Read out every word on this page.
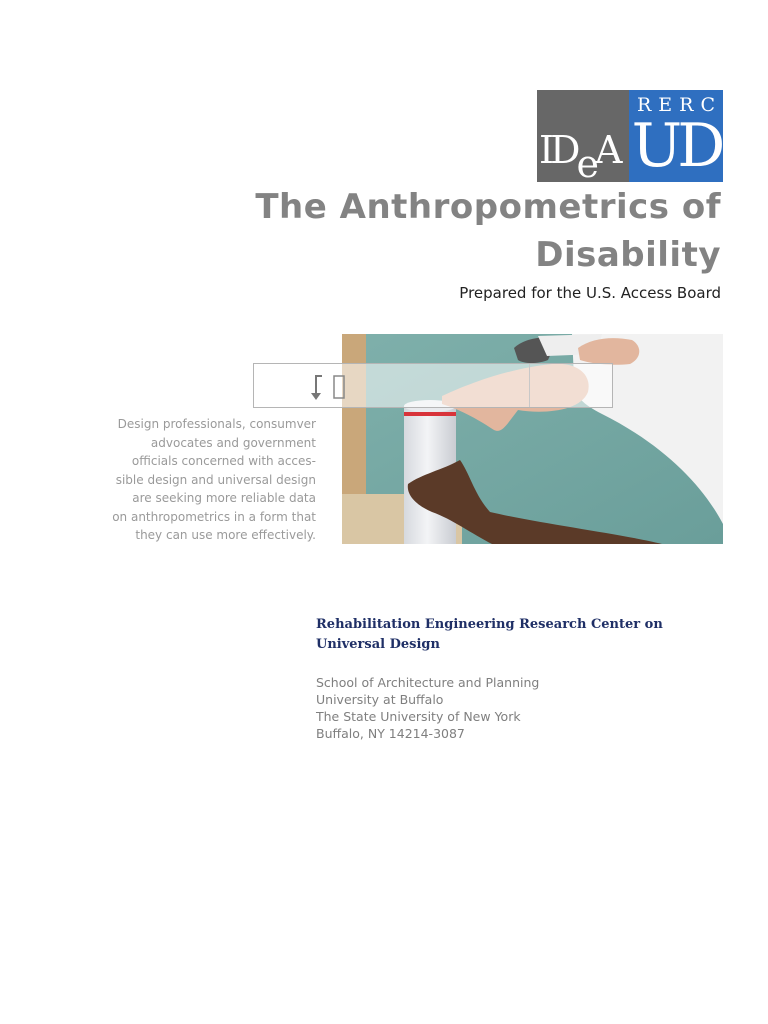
IDeA
RERC
UD
The Anthropometrics of
Disability
Prepared for the U.S. Access Board

Design professionals, consumver
advocates and government
officials concerned with acces-
sible design and universal design
are seeking more reliable data
on anthropometrics in a form that
they can use more effectively.

Rehabilitation Engineering Research Center on Universal Design

School of Architecture and Planning
University at Buffalo
The State University of New York
Buffalo, NY 14214-3087
